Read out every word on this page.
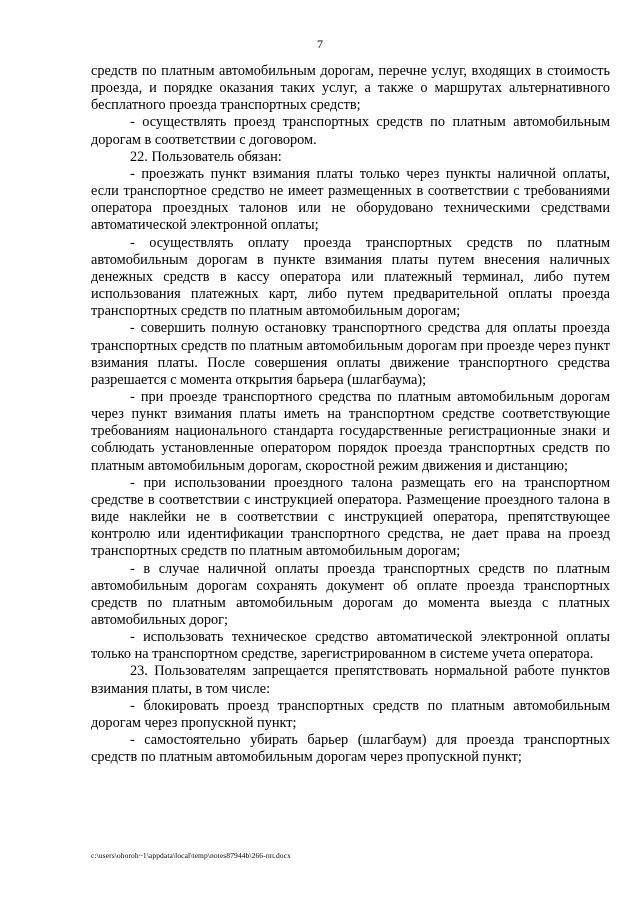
7

средств по платным автомобильным дорогам, перечне услуг, входящих в стоимость проезда, и порядке оказания таких услуг, а также о маршрутах альтернативного бесплатного проезда транспортных средств;

- осуществлять проезд транспортных средств по платным автомобильным дорогам в соответствии с договором.

22. Пользователь обязан:

- проезжать пункт взимания платы только через пункты наличной оплаты, если транспортное средство не имеет размещенных в соответствии с требованиями оператора проездных талонов или не оборудовано техническими средствами автоматической электронной оплаты;

- осуществлять оплату проезда транспортных средств по платным автомобильным дорогам в пункте взимания платы путем внесения наличных денежных средств в кассу оператора или платежный терминал, либо путем использования платежных карт, либо путем предварительной оплаты проезда транспортных средств по платным автомобильным дорогам;

- совершить полную остановку транспортного средства для оплаты проезда транспортных средств по платным автомобильным дорогам при проезде через пункт взимания платы. После совершения оплаты движение транспортного средства разрешается с момента открытия барьера (шлагбаума);

- при проезде транспортного средства по платным автомобильным дорогам через пункт взимания платы иметь на транспортном средстве соответствующие требованиям национального стандарта государственные регистрационные знаки и соблюдать установленные оператором порядок проезда транспортных средств по платным автомобильным дорогам, скоростной режим движения и дистанцию;

- при использовании проездного талона размещать его на транспортном средстве в соответствии с инструкцией оператора. Размещение проездного талона в виде наклейки не в соответствии с инструкцией оператора, препятствующее контролю или идентификации транспортного средства, не дает права на проезд транспортных средств по платным автомобильным дорогам;

- в случае наличной оплаты проезда транспортных средств по платным автомобильным дорогам сохранять документ об оплате проезда транспортных средств по платным автомобильным дорогам до момента выезда с платных автомобильных дорог;

- использовать техническое средство автоматической электронной оплаты только на транспортном средстве, зарегистрированном в системе учета оператора.

23. Пользователям запрещается препятствовать нормальной работе пунктов взимания платы, в том числе:

- блокировать проезд транспортных средств по платным автомобильным дорогам через пропускной пункт;

- самостоятельно убирать барьер (шлагбаум) для проезда транспортных средств по платным автомобильным дорогам через пропускной пункт;

c:\users\ohoroh~1\appdata\local\temp\notes87944b\266-пп.docx
